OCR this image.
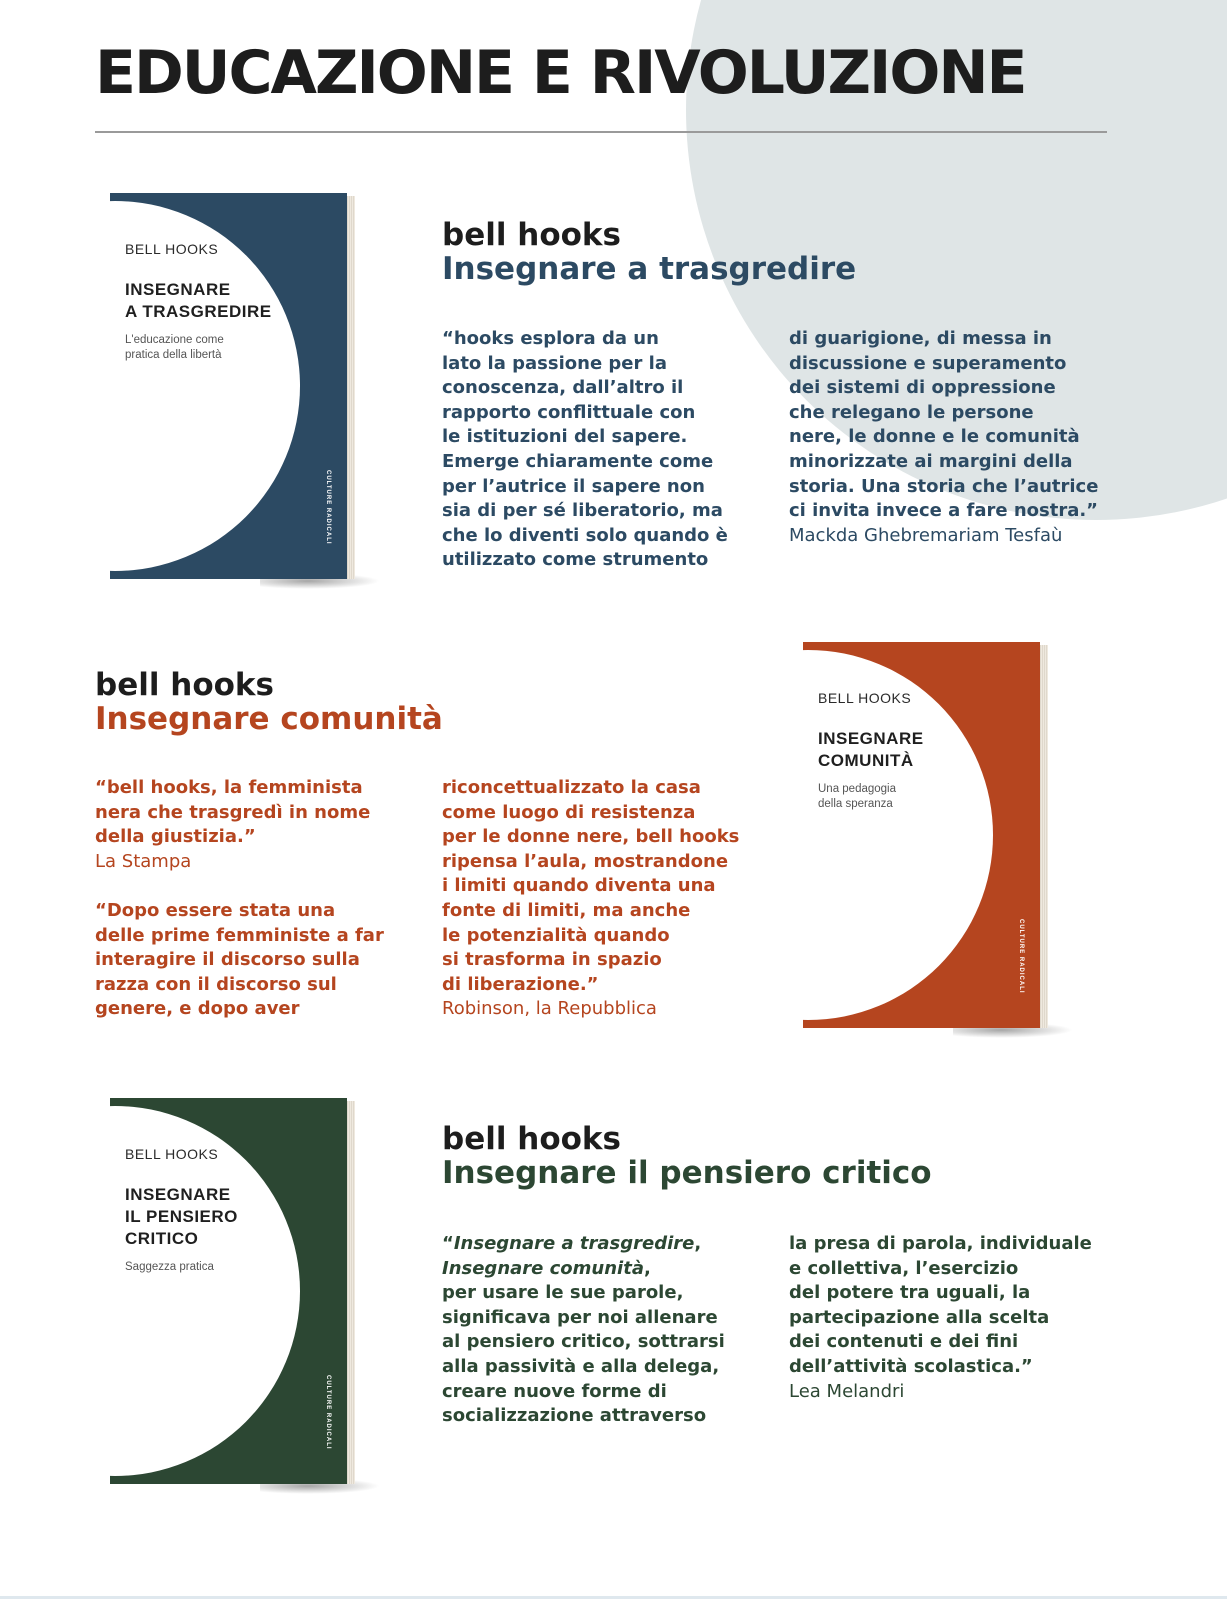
EDUCAZIONE E RIVOLUZIONE
BELL HOOKS
INSEGNARE
A TRASGREDIRE
L'educazione come
pratica della libertà
MELTEMI	CULTURE RADICALI
bell hooks
Insegnare a trasgredire

“hooks esplora da un

lato la passione per la

conoscenza, dall’altro il

rapporto conflittuale con

le istituzioni del sapere.

Emerge chiaramente come

per l’autrice il sapere non

sia di per sé liberatorio, ma

che lo diventi solo quando è

utilizzato come strumento

di guarigione, di messa in

discussione e superamento

dei sistemi di oppressione

che relegano le persone

nere, le donne e le comunità

minorizzate ai margini della

storia. Una storia che l’autrice

ci invita invece a fare nostra.”

Mackda Ghebremariam Tesfaù
bell hooks
Insegnare comunità

“bell hooks, la femminista

nera che trasgredì in nome

della giustizia.”

La Stampa

“Dopo essere stata una

delle prime femministe a far

interagire il discorso sulla

razza con il discorso sul

genere, e dopo aver

riconcettualizzato la casa

come luogo di resistenza

per le donne nere, bell hooks

ripensa l’aula, mostrandone

i limiti quando diventa una

fonte di limiti, ma anche

le potenzialità quando

si trasforma in spazio

di liberazione.”

Robinson, la Repubblica
BELL HOOKS
INSEGNARE
COMUNITÀ
Una pedagogia
della speranza
MELTEMI	CULTURE RADICALI
BELL HOOKS
INSEGNARE
IL PENSIERO
CRITICO
Saggezza pratica
MELTEMI	CULTURE RADICALI
bell hooks
Insegnare il pensiero critico

“Insegnare a trasgredire,

Insegnare comunità,

per usare le sue parole,

significava per noi allenare

al pensiero critico, sottrarsi

alla passività e alla delega,

creare nuove forme di

socializzazione attraverso

la presa di parola, individuale

e collettiva, l’esercizio

del potere tra uguali, la

partecipazione alla scelta

dei contenuti e dei fini

dell’attività scolastica.”

Lea Melandri
